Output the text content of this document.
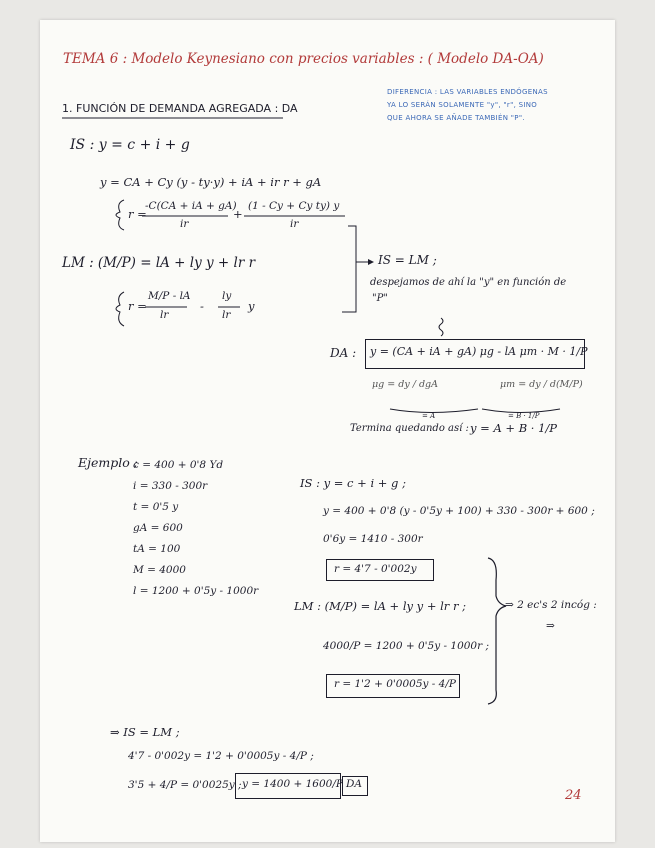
TEMA 6 : Modelo Keynesiano con precios variables : ( Modelo DA-OA)
1. FUNCIÓN DE DEMANDA AGREGADA : DA
DIFERENCIA : LAS VARIABLES ENDÓGENAS
YA LO SERÁN SOLAMENTE "y", "r", SINO
QUE AHORA SE AÑADE TAMBIÉN "P".
IS : y = c + i + g
y = CA + Cy (y - ty·y) + iA + ir r + gA
r =
-C(CA + iA + gA)
ir
+
(1 - Cy + Cy ty) y
ir
LM : (M/P) = lA + ly y + lr r
r =
M/P - lA
lr
-
ly
lr
y
IS = LM ;
despejamos de ahí la "y" en función de
"P"
DA : y = (CA + iA + gA) μg - lA μm · M · 1/P
μg = dy / dgA	μm = dy / d(M/P)
= A	= B · 1/P
Termina quedando así : y = A + B · 1/P
Ejemplo :
c = 400 + 0'8 Yd
i = 330 - 300r
t = 0'5 y
gA = 600
tA = 100
M = 4000
l = 1200 + 0'5y - 1000r
IS : y = c + i + g ;
y = 400 + 0'8 (y - 0'5y + 100) + 330 - 300r + 600 ;
0'6y = 1410 - 300r
r = 4'7 - 0'002y
LM : (M/P) = lA + ly y + lr r ;
4000/P = 1200 + 0'5y - 1000r ;
r = 1'2 + 0'0005y - 4/P
⇒ 2 ec's 2 incóg :
⇒
⇒ IS = LM ;
4'7 - 0'002y = 1'2 + 0'0005y - 4/P ;
3'5 + 4/P = 0'0025y ; y = 1400 + 1600/P DA
24
